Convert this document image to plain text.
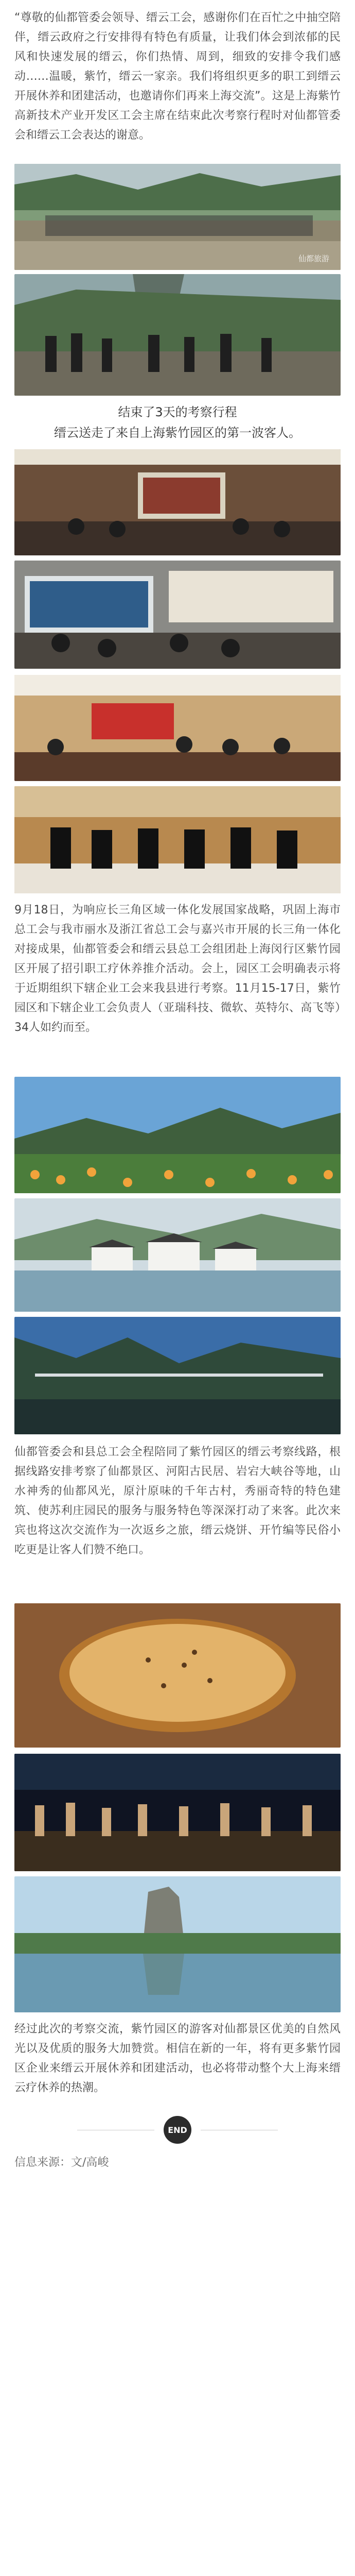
“尊敬的仙都管委会领导、缙云工会，感谢你们在百忙之中抽空陪伴，缙云政府之行安排得有特色有质量，让我们体会到浓郁的民风和快速发展的缙云，你们热情、周到，细致的安排令我们感动……温暖，紫竹，缙云一家亲。我们将组织更多的职工到缙云开展休养和团建活动，也邀请你们再来上海交流”。这是上海紫竹高新技术产业开发区工会主席在结束此次考察行程时对仙都管委会和缙云工会表达的谢意。

仙都旅游

结束了3天的考察行程

缙云送走了来自上海紫竹园区的第一波客人。

9月18日，为响应长三角区域一体化发展国家战略，巩固上海市总工会与我市丽水及浙江省总工会与嘉兴市开展的长三角一体化对接成果，仙都管委会和缙云县总工会组团赴上海闵行区紫竹园区开展了招引职工疗休养推介活动。会上，园区工会明确表示将于近期组织下辖企业工会来我县进行考察。11月15-17日，紫竹园区和下辖企业工会负责人（亚瑞科技、微软、英特尔、高飞等）34人如约而至。

仙都管委会和县总工会全程陪同了紫竹园区的缙云考察线路，根据线路安排考察了仙都景区、河阳古民居、岩宕大峡谷等地，山水神秀的仙都风光，原汁原味的千年古村，秀丽奇特的特色建筑、使苏利庄园民的服务与服务特色等深深打动了来客。此次来宾也将这次交流作为一次返乡之旅，缙云烧饼、开竹编等民俗小吃更是让客人们赞不绝口。

经过此次的考察交流，紫竹园区的游客对仙都景区优美的自然风光以及优质的服务大加赞赏。相信在新的一年，将有更多紫竹园区企业来缙云开展休养和团建活动，也必将带动整个大上海来缙云疗休养的热潮。

END

信息来源：文/高峻
